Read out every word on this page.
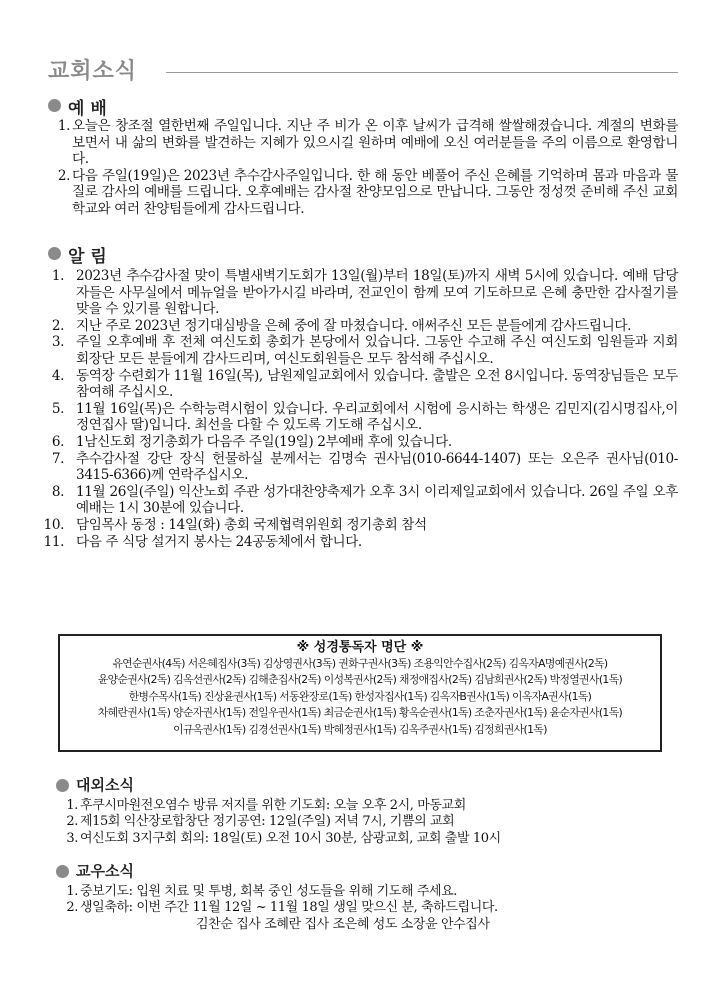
교회소식
예 배
1. 오늘은 창조절 열한번째 주일입니다. 지난 주 비가 온 이후 날씨가 급격해 쌀쌀해졌습니다. 계절의 변화를 보면서 내 삶의 변화를 발견하는 지혜가 있으시길 원하며 예배에 오신 여러분들을 주의 이름으로 환영합니다.
2. 다음 주일(19일)은 2023년 추수감사주일입니다. 한 해 동안 베풀어 주신 은혜를 기억하며 몸과 마음과 물질로 감사의 예배를 드립니다. 오후예배는 감사절 찬양모임으로 만납니다. 그동안 정성껏 준비해 주신 교회학교와 여러 찬양팀들에게 감사드립니다.
알 림
1. 2023년 추수감사절 맞이 특별새벽기도회가 13일(월)부터 18일(토)까지 새벽 5시에 있습니다. 예배 담당자들은 사무실에서 메뉴얼을 받아가시길 바라며, 전교인이 함께 모여 기도하므로 은혜 충만한 감사절기를 맞을 수 있기를 원합니다.
2. 지난 주로 2023년 정기대심방을 은혜 중에 잘 마쳤습니다. 애써주신 모든 분들에게 감사드립니다.
3. 주일 오후예배 후 전체 여신도회 총회가 본당에서 있습니다. 그동안 수고해 주신 여신도회 임원들과 지회 회장단 모든 분들에게 감사드리며, 여신도회원들은 모두 참석해 주십시오.
4. 동역장 수련회가 11월 16일(목), 남원제일교회에서 있습니다. 출발은 오전 8시입니다. 동역장님들은 모두 참여해 주십시오.
5. 11월 16일(목)은 수학능력시험이 있습니다. 우리교회에서 시험에 응시하는 학생은 김민지(김시명집사,이정연집사 딸)입니다. 최선을 다할 수 있도록 기도해 주십시오.
6. 1남신도회 정기총회가 다음주 주일(19일) 2부예배 후에 있습니다.
7. 추수감사절 강단 장식 헌물하실 분께서는 김명숙 권사님(010-6644-1407) 또는 오은주 권사님(010-3415-6366)께 연락주십시오.
8. 11월 26일(주일) 익산노회 주관 성가대찬양축제가 오후 3시 이리제일교회에서 있습니다. 26일 주일 오후예배는 1시 30분에 있습니다.
10. 담임목사 동정 : 14일(화) 총회 국제협력위원회 정기총회 참석
11. 다음 주 식당 설거지 봉사는 24공동체에서 합니다.
※ 성경통독자 명단 ※
유연순권사(4독) 서은혜집사(3독) 김상영권사(3독) 권화구권사(3독) 조용익안수집사(2독) 김옥자A명예권사(2독)
윤양순권사(2독) 김옥선권사(2독) 김해춘집사(2독) 이성복권사(2독) 채정애집사(2독) 김남희권사(2독) 박정열권사(1독)
한병수목사(1독) 진상윤권사(1독) 서동완장로(1독) 한성자집사(1독) 김옥자B권사(1독) 이옥자A권사(1독)
차혜란권사(1독) 양순자권사(1독) 전일우권사(1독) 최금순권사(1독) 황옥순권사(1독) 조춘자권사(1독) 윤순자권사(1독)
이규옥권사(1독) 김경선권사(1독) 박혜정권사(1독) 김옥주권사(1독) 김정희권사(1독)
대외소식
1. 후쿠시마원전오염수 방류 저지를 위한 기도회: 오늘 오후 2시, 마동교회
2. 제15회 익산장로합창단 정기공연: 12일(주일) 저녁 7시, 기쁨의 교회
3. 여신도회 3지구회 회의: 18일(토) 오전 10시 30분, 삼광교회, 교회 출발 10시
교우소식
1. 중보기도: 입원 치료 및 투병, 회복 중인 성도들을 위해 기도해 주세요.
2. 생일축하: 이번 주간 11월 12일 ~ 11월 18일 생일 맞으신 분, 축하드립니다.
김찬순 집사 조혜란 집사 조은혜 성도 소장윤 안수집사
